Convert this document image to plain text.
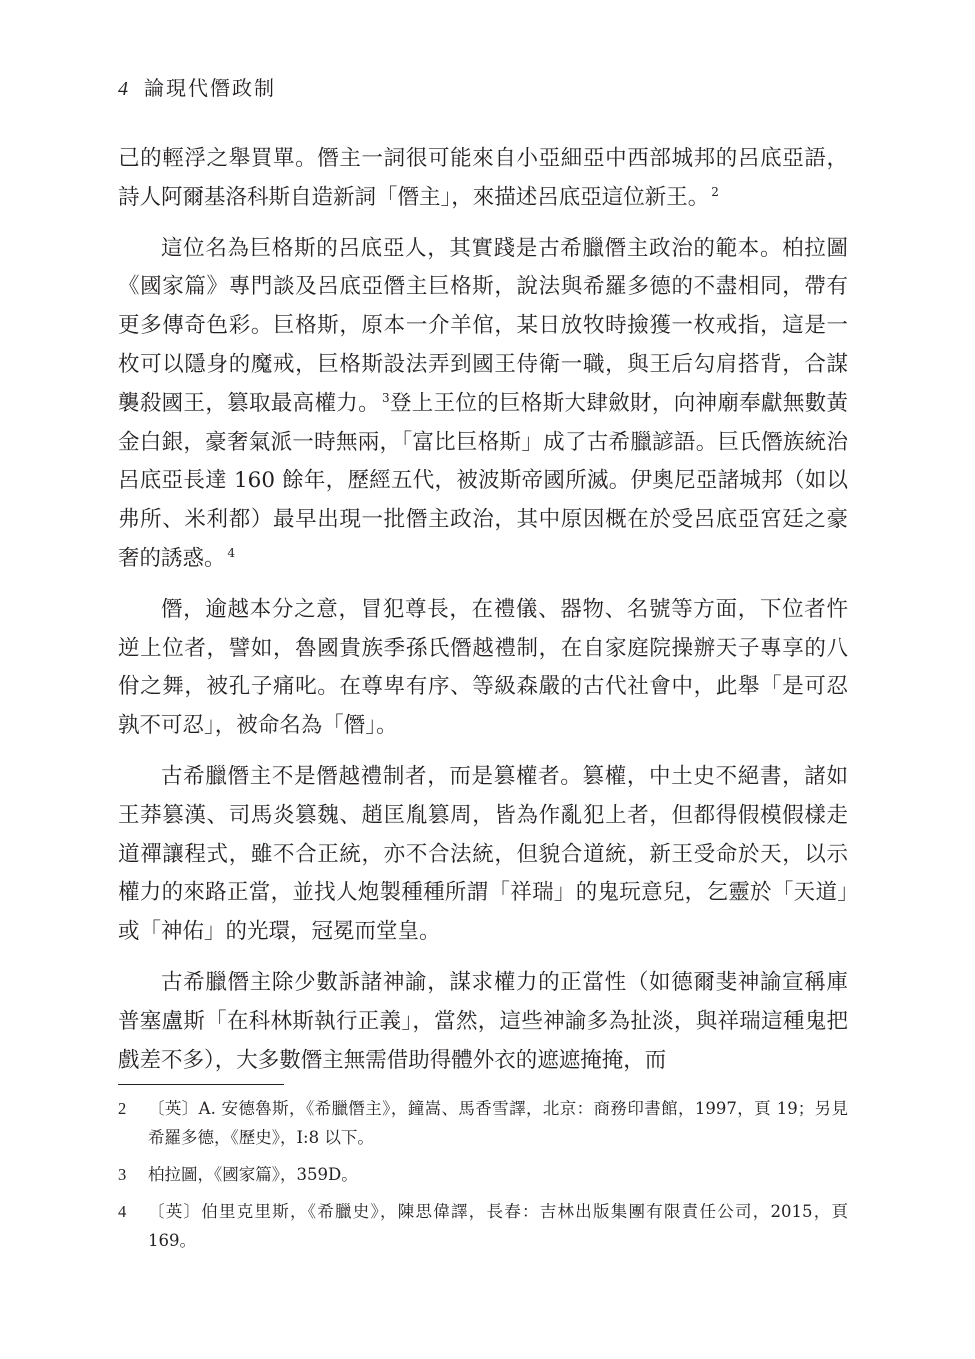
4 論現代僭政制

己的輕浮之舉買單。僭主一詞很可能來自小亞細亞中西部城邦的呂底亞語，詩人阿爾基洛科斯自造新詞「僭主」，來描述呂底亞這位新王。 $^2$

這位名為巨格斯的呂底亞人，其實踐是古希臘僭主政治的範本。柏拉圖《國家篇》專門談及呂底亞僭主巨格斯，說法與希羅多德的不盡相同，帶有更多傳奇色彩。巨格斯，原本一介羊倌，某日放牧時撿獲一枚戒指，這是一枚可以隱身的魔戒，巨格斯設法弄到國王侍衛一職，與王后勾肩搭背，合謀襲殺國王，篡取最高權力。 $^3$登上王位的巨格斯大肆斂財，向神廟奉獻無數黃金白銀，豪奢氣派一時無兩，「富比巨格斯」成了古希臘諺語。巨氏僭族統治呂底亞長達 160 餘年，歷經五代，被波斯帝國所滅。伊奧尼亞諸城邦（如以弗所、米利都）最早出現一批僭主政治，其中原因概在於受呂底亞宮廷之豪奢的誘惑。 $^4$

僭，逾越本分之意，冒犯尊長，在禮儀、器物、名號等方面，下位者忤逆上位者，譬如，魯國貴族季孫氏僭越禮制，在自家庭院操辦天子專享的八佾之舞，被孔子痛叱。在尊卑有序、等級森嚴的古代社會中，此舉「是可忍孰不可忍」，被命名為「僭」。

古希臘僭主不是僭越禮制者，而是篡權者。篡權，中土史不絕書，諸如王莽篡漢、司馬炎篡魏、趙匡胤篡周，皆為作亂犯上者，但都得假模假樣走道禪讓程式，雖不合正統，亦不合法統，但貌合道統，新王受命於天，以示權力的來路正當，並找人炮製種種所謂「祥瑞」的鬼玩意兒，乞靈於「天道」或「神佑」的光環，冠冕而堂皇。

古希臘僭主除少數訴諸神諭，謀求權力的正當性（如德爾斐神諭宣稱庫普塞盧斯「在科林斯執行正義」，當然，這些神諭多為扯淡，與祥瑞這種鬼把戲差不多），大多數僭主無需借助得體外衣的遮遮掩掩，而

2	〔英〕A. 安德魯斯，《希臘僭主》，鐘嵩、馬香雪譯，北京：商務印書館，1997，頁 19；另見希羅多德，《歷史》，I:8 以下。
3	柏拉圖，《國家篇》，359D。
4	〔英〕伯里克里斯，《希臘史》，陳思偉譯，長春：吉林出版集團有限責任公司，2015，頁 169。
